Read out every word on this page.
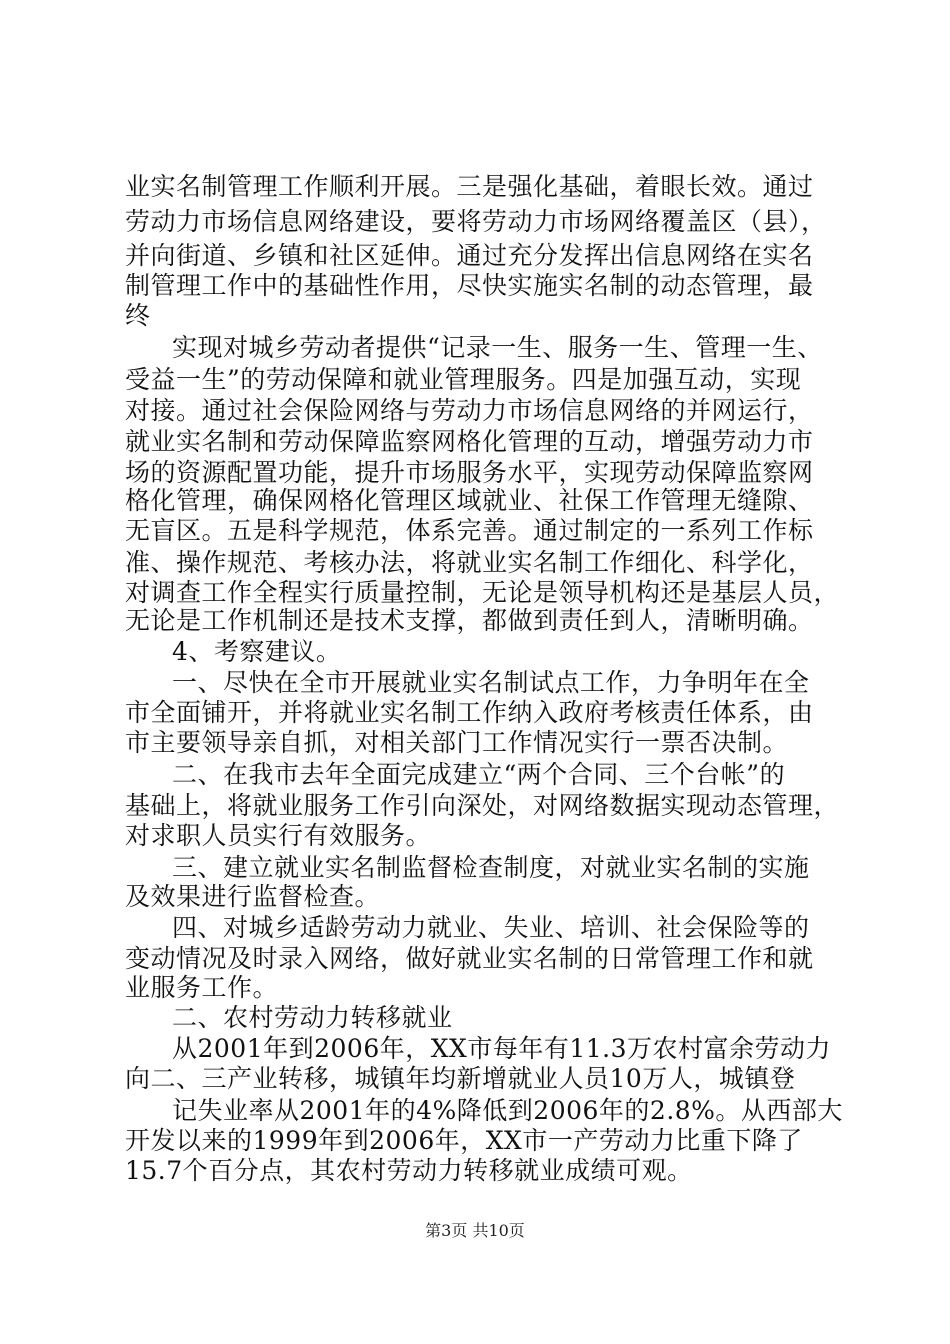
业实名制管理工作顺利开展。三是强化基础，着眼长效。通过
劳动力市场信息网络建设，要将劳动力市场网络覆盖区（县），
并向街道、乡镇和社区延伸。通过充分发挥出信息网络在实名
制管理工作中的基础性作用，尽快实施实名制的动态管理，最
终
实现对城乡劳动者提供“记录一生、服务一生、管理一生、
受益一生”的劳动保障和就业管理服务。四是加强互动，实现
对接。通过社会保险网络与劳动力市场信息网络的并网运行，
就业实名制和劳动保障监察网格化管理的互动，增强劳动力市
场的资源配置功能，提升市场服务水平，实现劳动保障监察网
格化管理，确保网格化管理区域就业、社保工作管理无缝隙、
无盲区。五是科学规范，体系完善。通过制定的一系列工作标
准、操作规范、考核办法，将就业实名制工作细化、科学化，
对调查工作全程实行质量控制，无论是领导机构还是基层人员，
无论是工作机制还是技术支撑，都做到责任到人，清晰明确。
4、考察建议。
一、尽快在全市开展就业实名制试点工作，力争明年在全
市全面铺开，并将就业实名制工作纳入政府考核责任体系，由
市主要领导亲自抓，对相关部门工作情况实行一票否决制。
二、在我市去年全面完成建立“两个合同、三个台帐”的
基础上，将就业服务工作引向深处，对网络数据实现动态管理，
对求职人员实行有效服务。
三、建立就业实名制监督检查制度，对就业实名制的实施
及效果进行监督检查。
四、对城乡适龄劳动力就业、失业、培训、社会保险等的
变动情况及时录入网络，做好就业实名制的日常管理工作和就
业服务工作。
二、农村劳动力转移就业
从2001年到2006年，XX市每年有11.3万农村富余劳动力
向二、三产业转移，城镇年均新增就业人员10万人，城镇登
记失业率从2001年的4%降低到2006年的2.8%。从西部大
开发以来的1999年到2006年，XX市一产劳动力比重下降了
15.7个百分点，其农村劳动力转移就业成绩可观。
第3页 共10页
